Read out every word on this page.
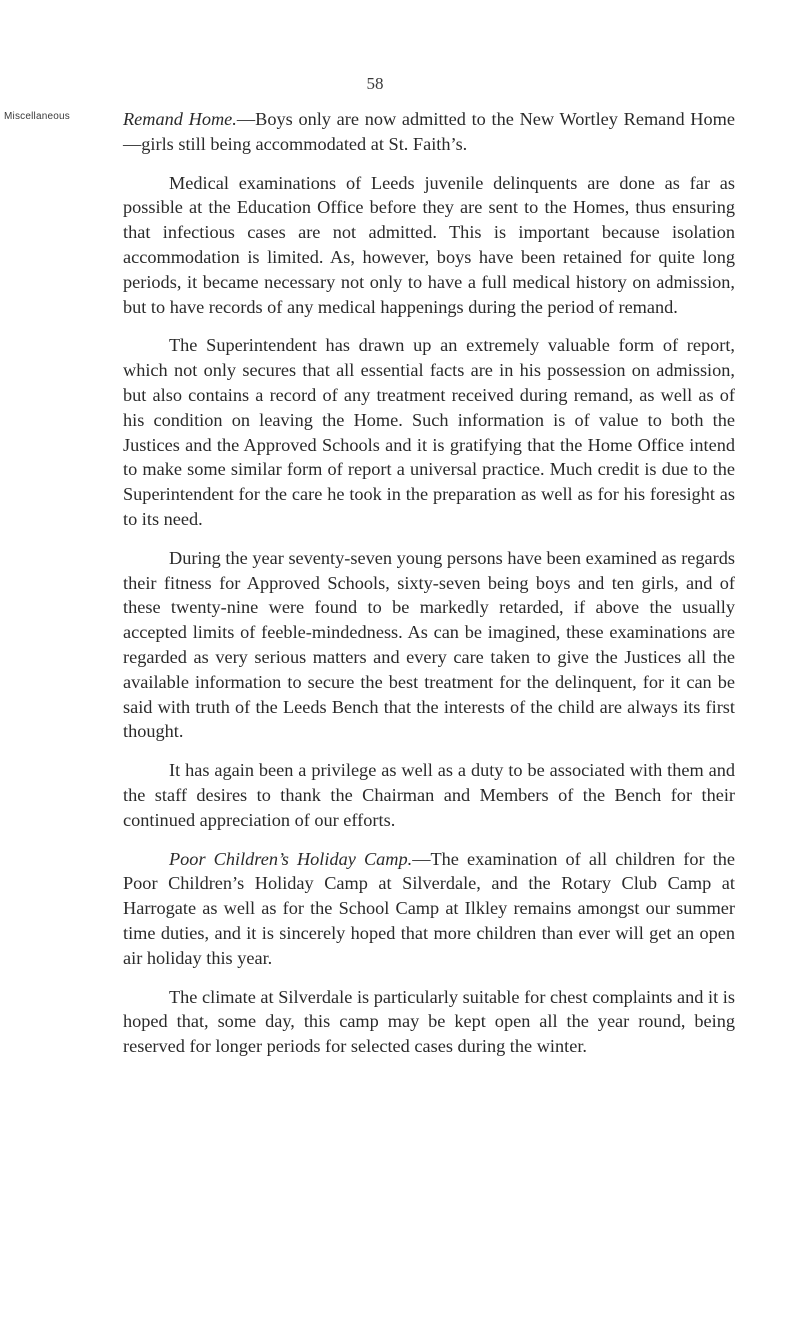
58
Miscellaneous	Remand Home.—Boys only are now admitted to the New Wortley Remand Home—girls still being accommodated at St. Faith’s.

Medical examinations of Leeds juvenile delinquents are done as far as possible at the Education Office before they are sent to the Homes, thus ensuring that infectious cases are not admitted. This is important because isolation accommodation is limited. As, however, boys have been retained for quite long periods, it became necessary not only to have a full medical history on admission, but to have records of any medical happenings during the period of remand.

The Superintendent has drawn up an extremely valuable form of report, which not only secures that all essential facts are in his possession on admission, but also contains a record of any treatment received during remand, as well as of his condition on leaving the Home. Such information is of value to both the Justices and the Approved Schools and it is gratifying that the Home Office intend to make some similar form of report a universal practice. Much credit is due to the Superintendent for the care he took in the preparation as well as for his foresight as to its need.

During the year seventy-seven young persons have been examined as regards their fitness for Approved Schools, sixty-seven being boys and ten girls, and of these twenty-nine were found to be markedly retarded, if above the usually accepted limits of feeble-mindedness. As can be imagined, these examinations are regarded as very serious matters and every care taken to give the Justices all the available information to secure the best treatment for the delinquent, for it can be said with truth of the Leeds Bench that the interests of the child are always its first thought.

It has again been a privilege as well as a duty to be associated with them and the staff desires to thank the Chairman and Members of the Bench for their continued appreciation of our efforts.

Poor Children’s Holiday Camp.—The examination of all children for the Poor Children’s Holiday Camp at Silverdale, and the Rotary Club Camp at Harrogate as well as for the School Camp at Ilkley remains amongst our summer time duties, and it is sincerely hoped that more children than ever will get an open air holiday this year.

The climate at Silverdale is particularly suitable for chest complaints and it is hoped that, some day, this camp may be kept open all the year round, being reserved for longer periods for selected cases during the winter.
